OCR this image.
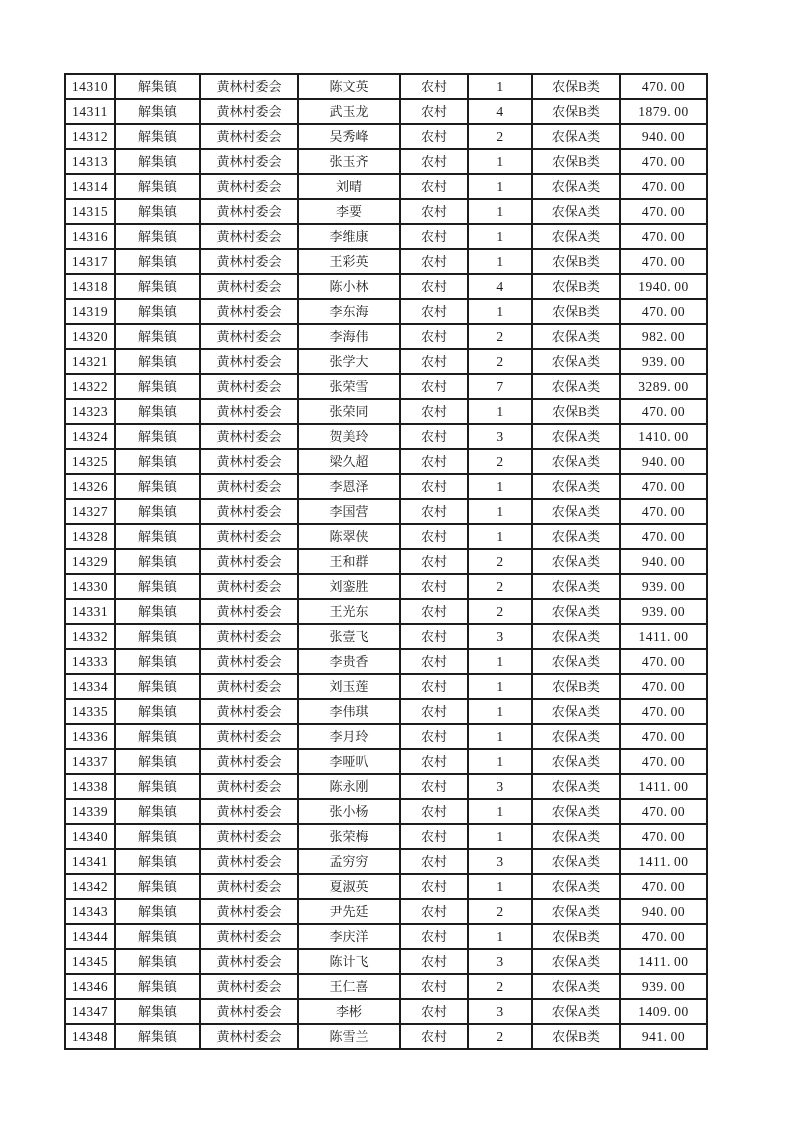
14310	解集镇	黄林村委会	陈文英	农村	1	农保B类	470. 00
14311	解集镇	黄林村委会	武玉龙	农村	4	农保B类	1879. 00
14312	解集镇	黄林村委会	吴秀峰	农村	2	农保A类	940. 00
14313	解集镇	黄林村委会	张玉齐	农村	1	农保B类	470. 00
14314	解集镇	黄林村委会	刘晴	农村	1	农保A类	470. 00
14315	解集镇	黄林村委会	李要	农村	1	农保A类	470. 00
14316	解集镇	黄林村委会	李维康	农村	1	农保A类	470. 00
14317	解集镇	黄林村委会	王彩英	农村	1	农保B类	470. 00
14318	解集镇	黄林村委会	陈小林	农村	4	农保B类	1940. 00
14319	解集镇	黄林村委会	李东海	农村	1	农保B类	470. 00
14320	解集镇	黄林村委会	李海伟	农村	2	农保A类	982. 00
14321	解集镇	黄林村委会	张学大	农村	2	农保A类	939. 00
14322	解集镇	黄林村委会	张荣雪	农村	7	农保A类	3289. 00
14323	解集镇	黄林村委会	张荣同	农村	1	农保B类	470. 00
14324	解集镇	黄林村委会	贺美玲	农村	3	农保A类	1410. 00
14325	解集镇	黄林村委会	梁久超	农村	2	农保A类	940. 00
14326	解集镇	黄林村委会	李恩泽	农村	1	农保A类	470. 00
14327	解集镇	黄林村委会	李国营	农村	1	农保A类	470. 00
14328	解集镇	黄林村委会	陈翠侠	农村	1	农保A类	470. 00
14329	解集镇	黄林村委会	王和群	农村	2	农保A类	940. 00
14330	解集镇	黄林村委会	刘銮胜	农村	2	农保A类	939. 00
14331	解集镇	黄林村委会	王光东	农村	2	农保A类	939. 00
14332	解集镇	黄林村委会	张壹飞	农村	3	农保A类	1411. 00
14333	解集镇	黄林村委会	李贵香	农村	1	农保A类	470. 00
14334	解集镇	黄林村委会	刘玉莲	农村	1	农保B类	470. 00
14335	解集镇	黄林村委会	李伟琪	农村	1	农保A类	470. 00
14336	解集镇	黄林村委会	李月玲	农村	1	农保A类	470. 00
14337	解集镇	黄林村委会	李哑叭	农村	1	农保A类	470. 00
14338	解集镇	黄林村委会	陈永刚	农村	3	农保A类	1411. 00
14339	解集镇	黄林村委会	张小杨	农村	1	农保A类	470. 00
14340	解集镇	黄林村委会	张荣梅	农村	1	农保A类	470. 00
14341	解集镇	黄林村委会	孟穷穷	农村	3	农保A类	1411. 00
14342	解集镇	黄林村委会	夏淑英	农村	1	农保A类	470. 00
14343	解集镇	黄林村委会	尹先廷	农村	2	农保A类	940. 00
14344	解集镇	黄林村委会	李庆洋	农村	1	农保B类	470. 00
14345	解集镇	黄林村委会	陈计飞	农村	3	农保A类	1411. 00
14346	解集镇	黄林村委会	王仁喜	农村	2	农保A类	939. 00
14347	解集镇	黄林村委会	李彬	农村	3	农保A类	1409. 00
14348	解集镇	黄林村委会	陈雪兰	农村	2	农保B类	941. 00
